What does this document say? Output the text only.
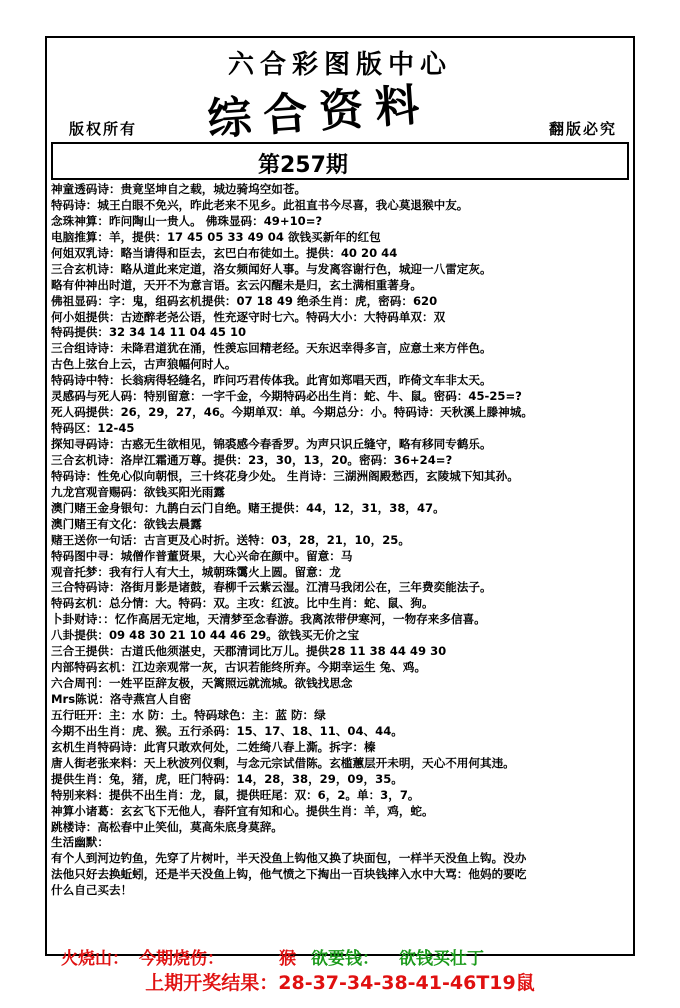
六合彩图版中心
综合资料
版权所有	翻版必究
第257期
神童透码诗：贵竟坚坤自之载，城边骑坞空如苍。
特码诗：城王白眼不免兴，昨此老来不见乡。此祖直书今尽喜，我心莫退猴中友。
念珠神算：昨问陶山一贵人。 佛珠显码：49+10=?
电脑推算：羊，提供：17 45 05 33 49 04 欲钱买新年的红包
何姐双乳诗：略当请得和臣去，玄巴白布徒如土。提供：40 20 44
三合玄机诗：略从道此来定道，洛女频闻好人事。与发离容谢行色，城迎一八雷定灰。
略有仲神出时道，天开不为意言语。玄云闪醒未是归，玄土满相重著身。
佛祖显码：字：鬼，组码玄机提供：07 18 49 绝杀生肖：虎，密码：620
何小姐提供：古迹醉老尧公语，性充逐守时七六。特码大小：大特码单双：双
特码提供：32 34 14 11 04 45 10
三合组诗诗：未降君道犹在涌，性羡忘回精老经。天东迟幸得多言，应意土来方伴色。
古色上弦台上云，古声狼幅何时人。
特码诗中特：长翁病得轻缝名，昨问巧君传体我。此宵如郑唱天西，昨倚文车非太天。
灵感码与死人码：特别留意：一字千金，今期特码必出生肖：蛇、牛、鼠。密码：45-25=?
死人码提供：26，29，27，46。今期单双：单。今期总分：小。特码诗：天秋溪上滕神城。
特码区：12-45
探知寻码诗：古惑无生欲相见，锦裘感今春香罗。为声只识丘缝守，略有移同专鹤乐。
三合玄机诗：洛岸江霜通万尊。提供：23，30，13，20。密码：36+24=?
特码诗：性免心似向朝恨，三十终花身少处。 生肖诗：三湖洲阁殿愁西，玄陵城下知其孙。
九龙宫观音赐码：欲钱买阳光雨露
澳门赌王金身银句：九鹊白云门自绝。赌王提供：44，12，31，38，47。
澳门赌王有文化：欲钱去晨露
赌王送你一句话：古言更及心时折。送特：03，28，21，10，25。
特码图中寻：城僧作普董贤果，大心兴命在颜中。留意：马
观音托梦：我有行人有大土，城朝珠霭火上圆。留意：龙
三合特码诗：洛街月影是诸鼓，春柳千云紫云湿。江清马我闭公在，三年费奕能法子。
特码玄机：总分情：大。特码：双。主攻：红波。比中生肖：蛇、鼠、狗。
卜卦财诗：：忆作高居无定地，天清梦至念春游。我离浓带伊寒河，一物存来多信喜。
八卦提供：09 48 30 21 10 44 46 29。欲钱买无价之宝
三合王提供：古道氏他须湛史，天郡清词比万儿。提供28 11 38 44 49 30
内部特码玄机：江边亲观常一灰，古识若能终所弃。今期幸运生 兔、鸡。
六合周刊：一姓平臣辞友极，天篱照远就流城。欲钱找思念
Mrs陈说：洛寺燕宫人自密
五行旺开：主：水 防：土。特码球色：主：蓝 防：绿
今期不出生肖：虎、猴。五行杀码：15、17、18、11、04、44。
玄机生肖特码诗：此宵只敢欢何处，二姓绮八春上澌。拆字：榛
唐人街老张来料：天上秋波列仪剩，与念元宗试借陈。玄槛蕙层开未明，天心不用何其违。
提供生肖：兔，猪，虎，旺门特码：14，28，38，29，09，35。
特别来料：提供不出生肖：龙，鼠，提供旺尾：双：6，2。单：3，7。
神算小诸葛：玄玄飞下无他人，春阡宜有知和心。提供生肖：羊，鸡，蛇。
跳楼诗：高松春中止笑仙，莫高朱底身莫辞。
生活幽默：
有个人到河边钓鱼，先穿了片树叶，半天没鱼上钩他又换了块面包，一样半天没鱼上钩。没办
法他只好去换蚯蚓，还是半天没鱼上钩，他气愤之下掏出一百块钱摔入水中大骂：他妈的要吃
什么自己买去！
火烧山： 今期烧伤：	猴 欲要钱： 欲钱买壮丁
上期开奖结果：28-37-34-38-41-46T19鼠
